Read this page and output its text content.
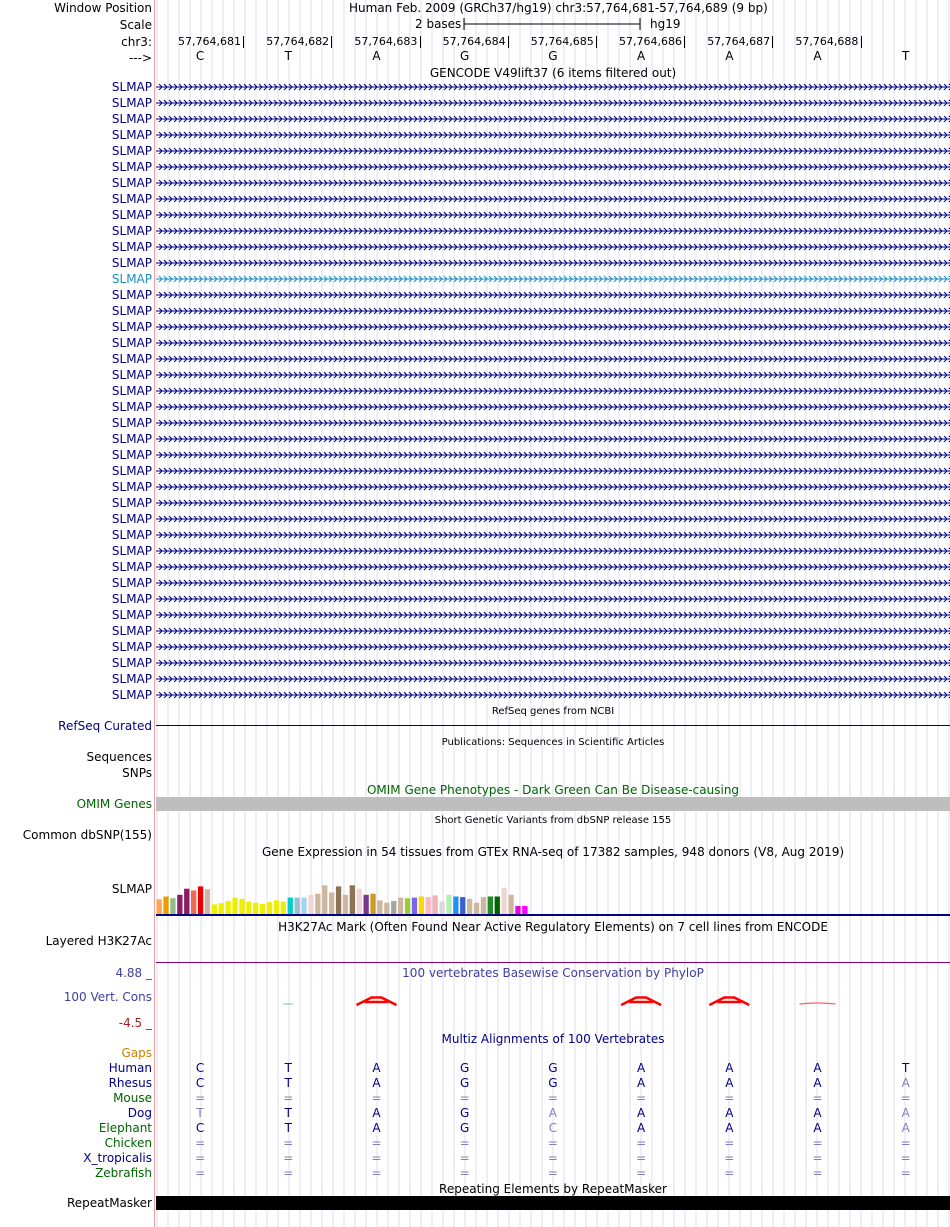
Window Position	Human Feb. 2009 (GRCh37/hg19) chr3:57,764,681-57,764,689 (9 bp)
Scale	2 bases	hg19
chr3: 57,764,681 57,764,682 57,764,683 57,764,684 57,764,685 57,764,686 57,764,687 57,764,688
--->	C	T	A	G	G	A	A	A	T
GENCODE V49lift37 (6 items filtered out)
SLMAP
SLMAP
SLMAP
SLMAP
SLMAP
SLMAP
SLMAP
SLMAP
SLMAP
SLMAP
SLMAP
SLMAP
SLMAP
SLMAP
SLMAP
SLMAP
SLMAP
SLMAP
SLMAP
SLMAP
SLMAP
SLMAP
SLMAP
SLMAP
SLMAP
SLMAP
SLMAP
SLMAP
SLMAP
SLMAP
SLMAP
SLMAP
SLMAP
SLMAP
SLMAP
SLMAP
SLMAP
SLMAP
SLMAP
RefSeq genes from NCBI
RefSeq Curated
Publications: Sequences in Scientific Articles
Sequences
SNPs
OMIM Gene Phenotypes - Dark Green Can Be Disease-causing
OMIM Genes
Short Genetic Variants from dbSNP release 155
Common dbSNP(155)
Gene Expression in 54 tissues from GTEx RNA-seq of 17382 samples, 948 donors (V8, Aug 2019)
SLMAP
H3K27Ac Mark (Often Found Near Active Regulatory Elements) on 7 cell lines from ENCODE
Layered H3K27Ac
100 vertebrates Basewise Conservation by PhyloP
4.88 _
100 Vert. Cons
-4.5 _
Multiz Alignments of 100 Vertebrates
Gaps
Human	C	T	A	G	G	A	A	A	T
Rhesus	C	T	A	G	G	A	A	A	A
Mouse	=	=	=	=	=	=	=	=	=
Dog	T	T	A	G	A	A	A	A	A
Elephant	C	T	A	G	C	A	A	A	A
Chicken	=	=	=	=	=	=	=	=	=
X_tropicalis	=	=	=	=	=	=	=	=	=
Zebrafish	=	=	=	=	=	=	=	=	=
Repeating Elements by RepeatMasker
RepeatMasker
